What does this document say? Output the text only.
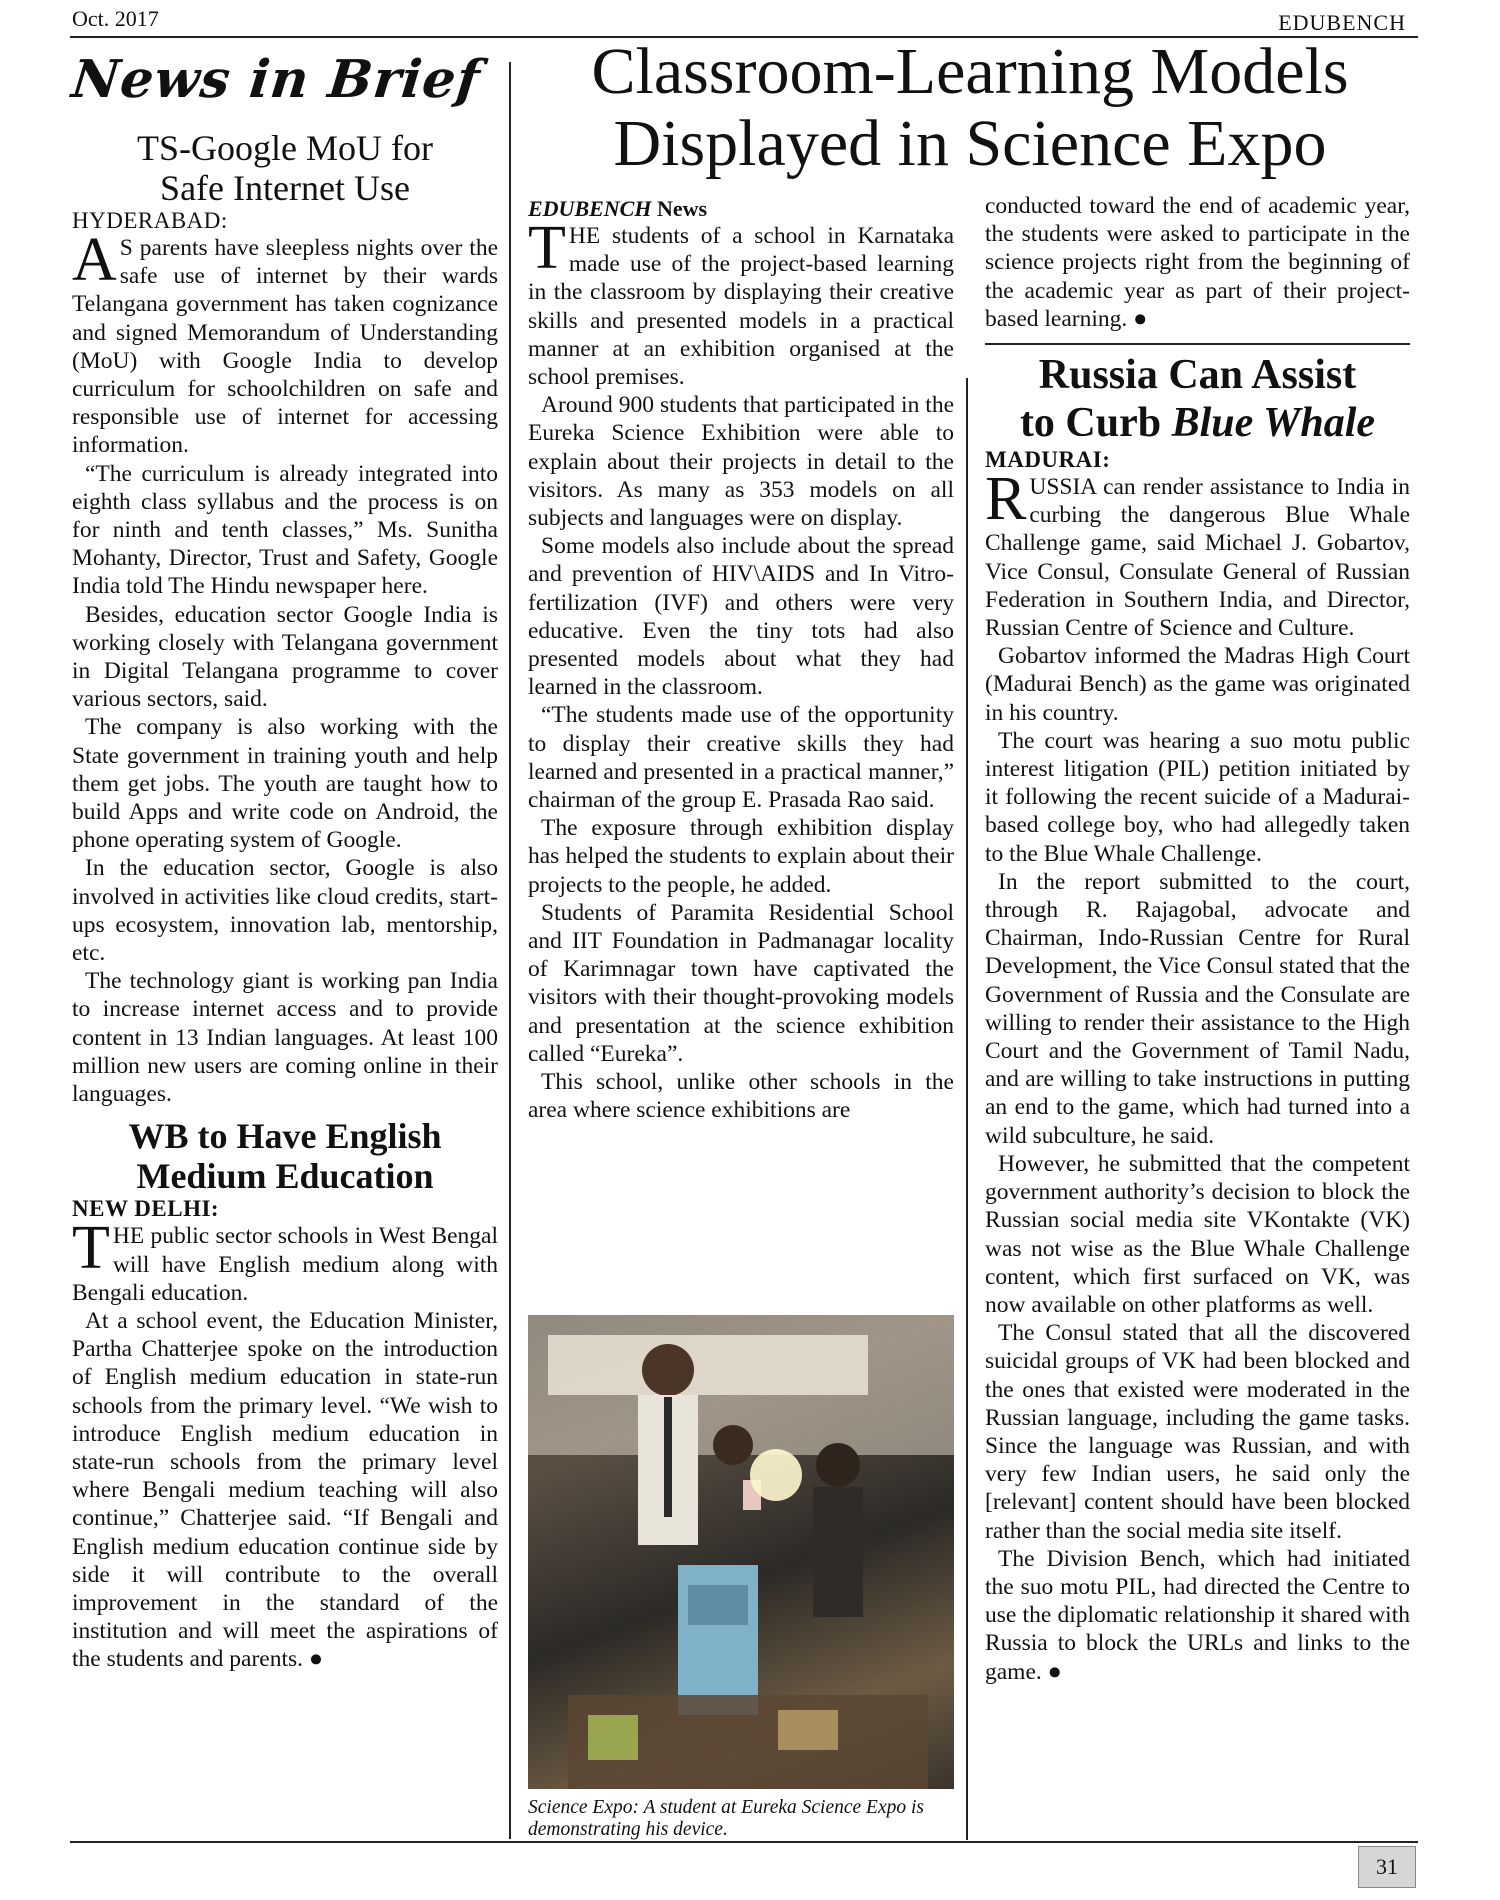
Oct. 2017	EDUBENCH
News in Brief	Classroom-Learning Models
Displayed in Science Expo
TS-Google MoU for
Safe Internet Use
HYDERABAD:

A S parents have sleepless nights over the safe use of internet by their wards Telangana government has taken cognizance and signed Memorandum of Understanding (MoU) with Google India to develop curriculum for schoolchildren on safe and responsible use of internet for accessing information.

“The curriculum is already integrated into eighth class syllabus and the process is on for ninth and tenth classes,” Ms. Sunitha Mohanty, Director, Trust and Safety, Google India told The Hindu newspaper here.

Besides, education sector Google India is working closely with Telangana government in Digital Telangana programme to cover various sectors, said.

The company is also working with the State government in training youth and help them get jobs. The youth are taught how to build Apps and write code on Android, the phone operating system of Google.

In the education sector, Google is also involved in activities like cloud credits, start-ups ecosystem, innovation lab, mentorship, etc.

The technology giant is working pan India to increase internet access and to provide content in 13 Indian languages. At least 100 million new users are coming online in their languages.

WB to Have English
Medium Education
NEW DELHI:

THE public sector schools in West Bengal will have English medium along with Bengali education.

At a school event, the Education Minister, Partha Chatterjee spoke on the introduction of English medium education in state-run schools from the primary level. “We wish to introduce English medium education in state-run schools from the primary level where Bengali medium teaching will also continue,” Chatterjee said. “If Bengali and English medium education continue side by side it will contribute to the overall improvement in the standard of the institution and will meet the aspirations of the students and parents. ●

EDUBENCH News

THE students of a school in Karnataka made use of the project-based learning in the classroom by displaying their creative skills and presented models in a practical manner at an exhibition organised at the school premises.

Around 900 students that participated in the Eureka Science Exhibition were able to explain about their projects in detail to the visitors. As many as 353 models on all subjects and languages were on display.

Some models also include about the spread and prevention of HIV\AIDS and In Vitro-fertilization (IVF) and others were very educative. Even the tiny tots had also presented models about what they had learned in the classroom.

“The students made use of the opportunity to display their creative skills they had learned and presented in a practical manner,” chairman of the group E. Prasada Rao said.

The exposure through exhibition display has helped the students to explain about their projects to the people, he added.

Students of Paramita Residential School and IIT Foundation in Padmanagar locality of Karimnagar town have captivated the visitors with their thought-provoking models and presentation at the science exhibition called “Eureka”.

This school, unlike other schools in the area where science exhibitions are

Science Expo: A student at Eureka Science Expo is demonstrating his device.

conducted toward the end of academic year, the students were asked to participate in the science projects right from the beginning of the academic year as part of their project-based learning. ●

Russia Can Assist
to Curb Blue Whale
MADURAI:

RUSSIA can render assistance to India in curbing the dangerous Blue Whale Challenge game, said Michael J. Gobartov, Vice Consul, Consulate General of Russian Federation in Southern India, and Director, Russian Centre of Science and Culture.

Gobartov informed the Madras High Court (Madurai Bench) as the game was originated in his country.

The court was hearing a suo motu public interest litigation (PIL) petition initiated by it following the recent suicide of a Madurai-based college boy, who had allegedly taken to the Blue Whale Challenge.

In the report submitted to the court, through R. Rajagobal, advocate and Chairman, Indo-Russian Centre for Rural Development, the Vice Consul stated that the Government of Russia and the Consulate are willing to render their assistance to the High Court and the Government of Tamil Nadu, and are willing to take instructions in putting an end to the game, which had turned into a wild subculture, he said.

However, he submitted that the competent government authority’s decision to block the Russian social media site VKontakte (VK) was not wise as the Blue Whale Challenge content, which first surfaced on VK, was now available on other platforms as well.

The Consul stated that all the discovered suicidal groups of VK had been blocked and the ones that existed were moderated in the Russian language, including the game tasks. Since the language was Russian, and with very few Indian users, he said only the [relevant] content should have been blocked rather than the social media site itself.

The Division Bench, which had initiated the suo motu PIL, had directed the Centre to use the diplomatic relationship it shared with Russia to block the URLs and links to the game. ●

31
